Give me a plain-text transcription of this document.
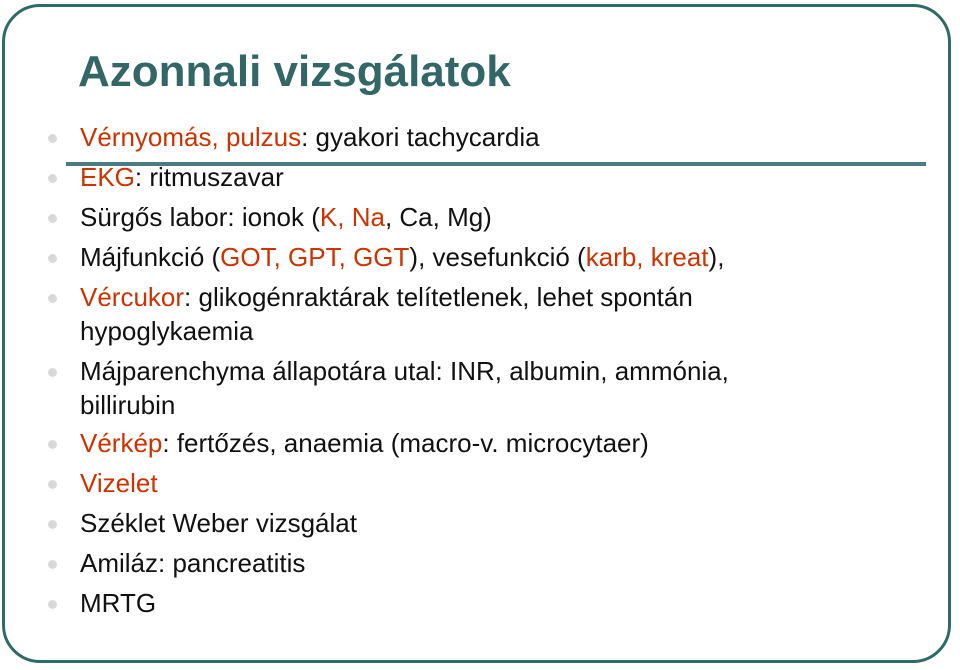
Azonnali vizsgálatok
Vérnyomás, pulzus: gyakori tachycardia
EKG: ritmuszavar
Sürgős labor: ionok (K, Na, Ca, Mg)
Májfunkció (GOT, GPT, GGT), vesefunkció (karb, kreat),
Vércukor: glikogénraktárak telítetlenek, lehet spontán
hypoglykaemia
Májparenchyma állapotára utal: INR, albumin, ammónia,
billirubin
Vérkép: fertőzés, anaemia (macro-v. microcytaer)
Vizelet
Széklet Weber vizsgálat
Amiláz: pancreatitis
MRTG
